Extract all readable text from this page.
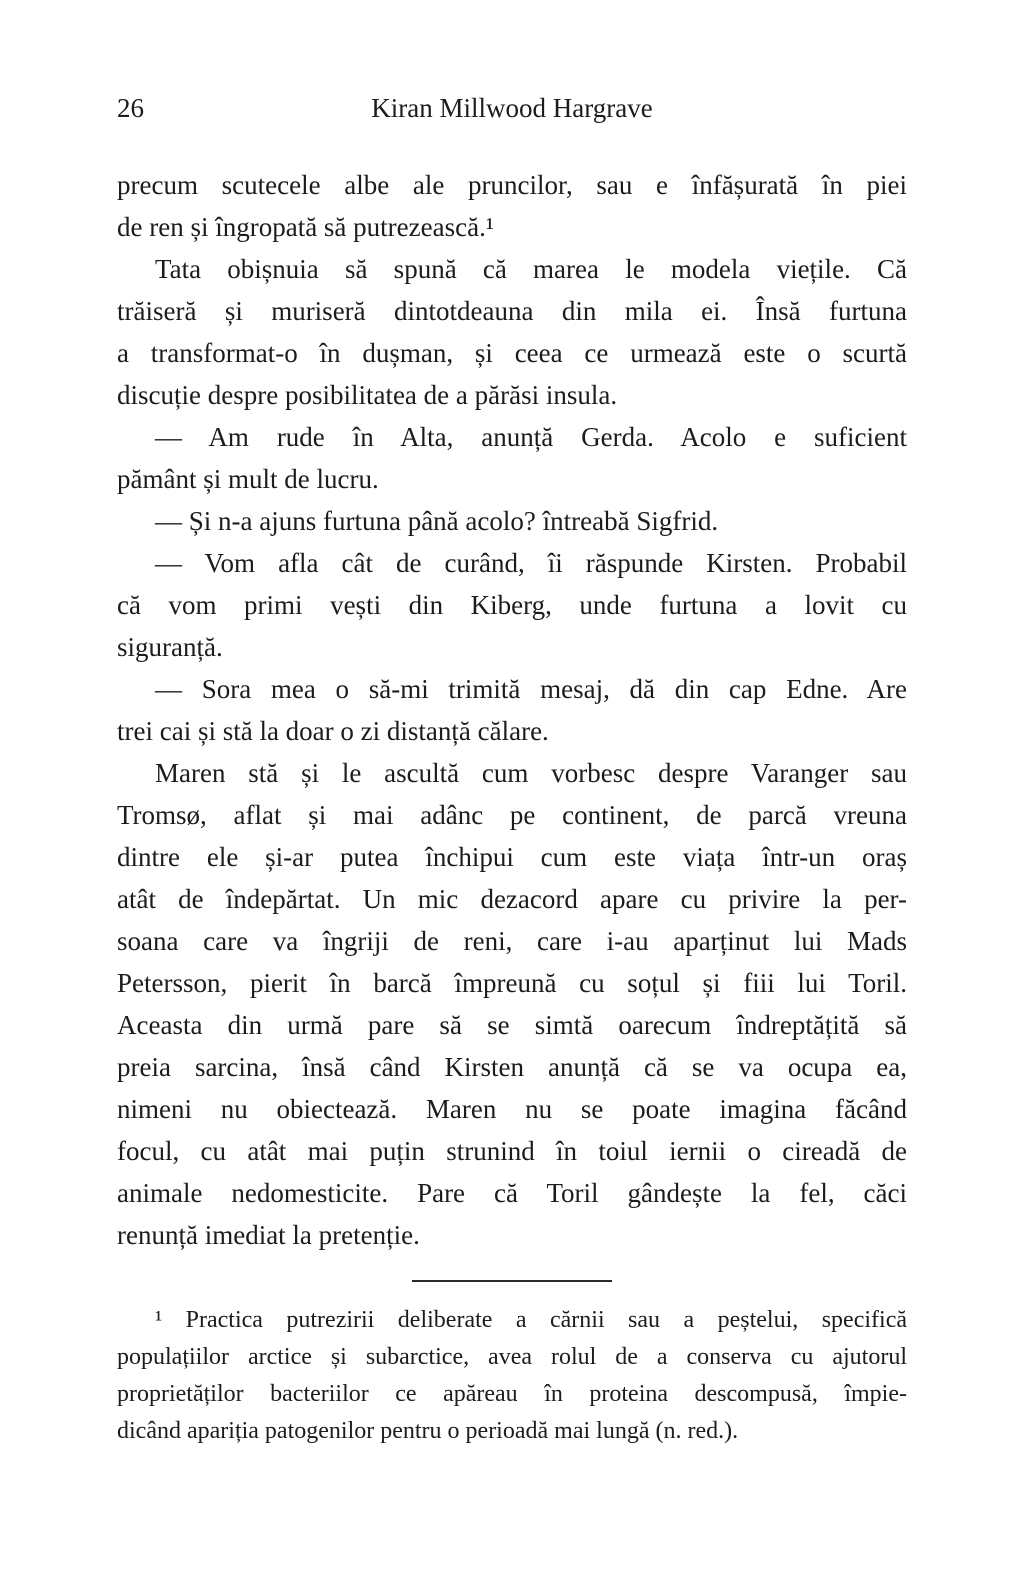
26	Kiran Millwood Hargrave
precum scutecele albe ale pruncilor, sau e înfășurată în piei
de ren și îngropată să putrezească.¹
Tata obișnuia să spună că marea le modela viețile. Că
trăiseră și muriseră dintotdeauna din mila ei. Însă furtuna
a transformat-o în dușman, și ceea ce urmează este o scurtă
discuție despre posibilitatea de a părăsi insula.
— Am rude în Alta, anunță Gerda. Acolo e suficient
pământ și mult de lucru.
— Și n-a ajuns furtuna până acolo? întreabă Sigfrid.
— Vom afla cât de curând, îi răspunde Kirsten. Probabil
că vom primi vești din Kiberg, unde furtuna a lovit cu
siguranță.
— Sora mea o să-mi trimită mesaj, dă din cap Edne. Are
trei cai și stă la doar o zi distanță călare.
Maren stă și le ascultă cum vorbesc despre Varanger sau
Tromsø, aflat și mai adânc pe continent, de parcă vreuna
dintre ele și-ar putea închipui cum este viața într-un oraș
atât de îndepărtat. Un mic dezacord apare cu privire la per-
soana care va îngriji de reni, care i-au aparținut lui Mads
Petersson, pierit în barcă împreună cu soțul și fiii lui Toril.
Aceasta din urmă pare să se simtă oarecum îndreptățită să
preia sarcina, însă când Kirsten anunță că se va ocupa ea,
nimeni nu obiectează. Maren nu se poate imagina făcând
focul, cu atât mai puțin strunind în toiul iernii o cireadă de
animale nedomesticite. Pare că Toril gândește la fel, căci
renunță imediat la pretenție.
¹ Practica putrezirii deliberate a cărnii sau a peștelui, specifică
populațiilor arctice și subarctice, avea rolul de a conserva cu ajutorul
proprietăților bacteriilor ce apăreau în proteina descompusă, împie-
dicând apariția patogenilor pentru o perioadă mai lungă (n. red.).
